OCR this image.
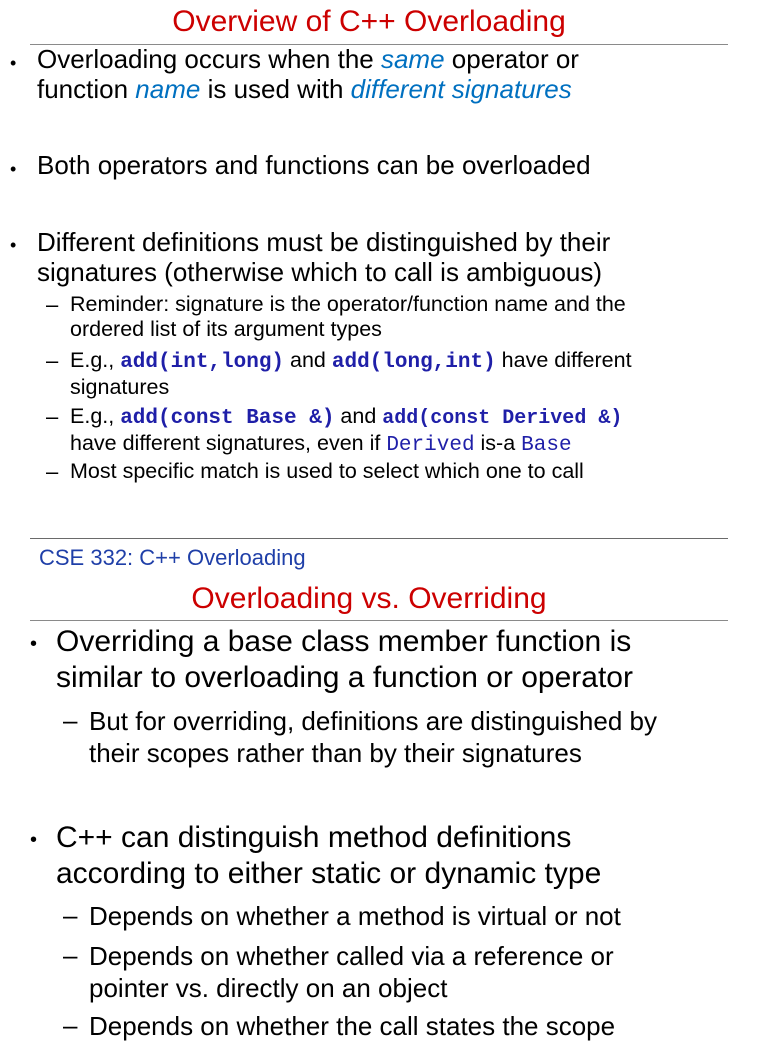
Overview of C++ Overloading
• Overloading occurs when the same operator or
function name is used with different signatures
• Both operators and functions can be overloaded
• Different definitions must be distinguished by their
signatures (otherwise which to call is ambiguous)
– Reminder: signature is the operator/function name and the
ordered list of its argument types
– E.g., add(int,long) and add(long,int) have different
signatures
– E.g., add(const Base &) and add(const Derived &)
have different signatures, even if Derived is-a Base
– Most specific match is used to select which one to call
CSE 332: C++ Overloading
Overloading vs. Overriding
• Overriding a base class member function is
similar to overloading a function or operator
– But for overriding, definitions are distinguished by
their scopes rather than by their signatures
• C++ can distinguish method definitions
according to either static or dynamic type
– Depends on whether a method is virtual or not
– Depends on whether called via a reference or
pointer vs. directly on an object
– Depends on whether the call states the scope
